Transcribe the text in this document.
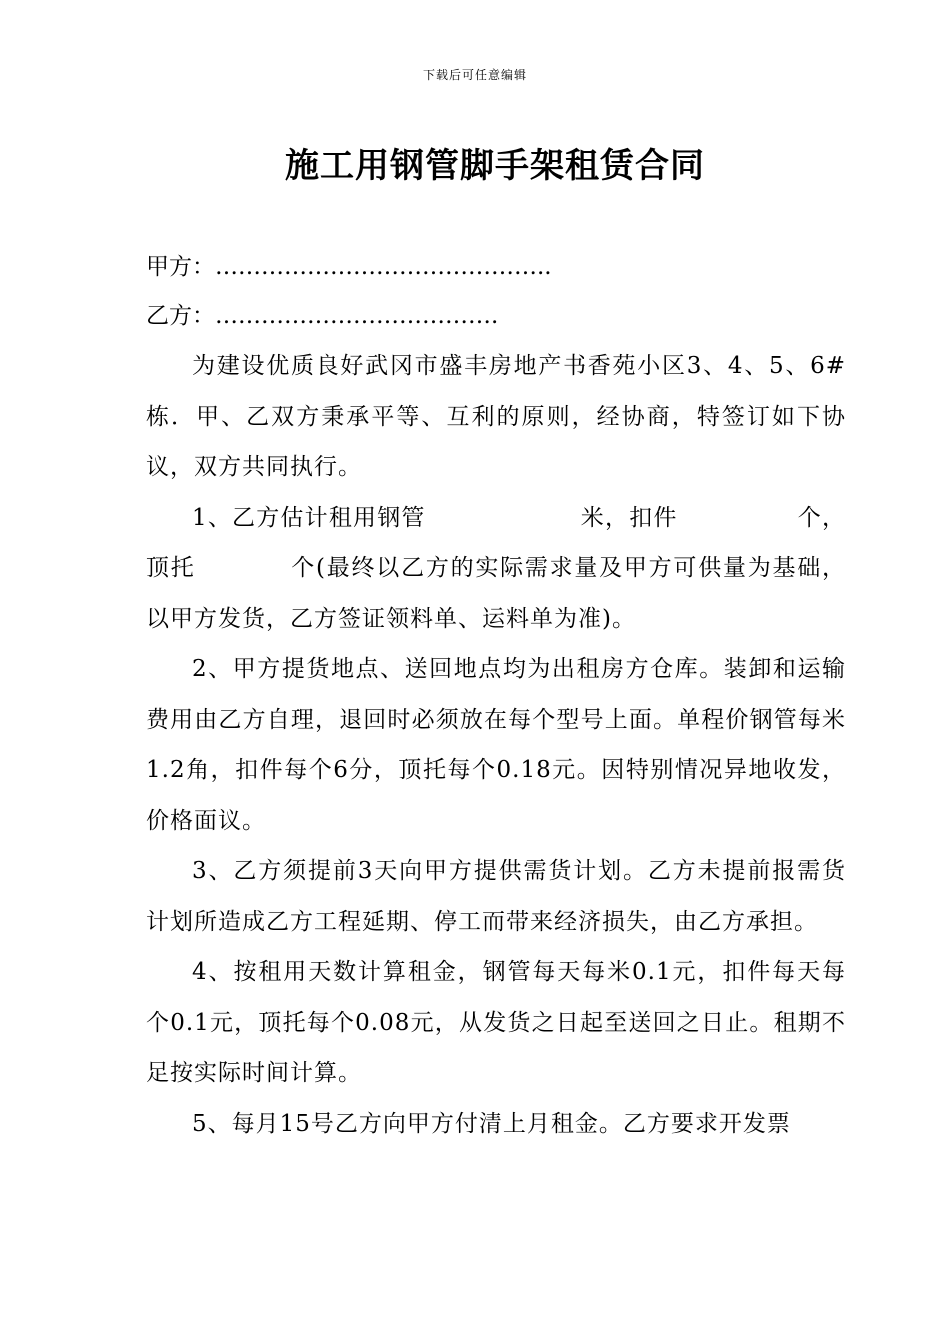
下载后可任意编辑
施工用钢管脚手架租赁合同
甲方：……………………………………..
乙方：……………………………….

为建设优质良好武冈市盛丰房地产书香苑小区3、4、5、6#栋．甲、乙双方秉承平等、互利的原则，经协商，特签订如下协议，双方共同执行。

1、乙方估计租用钢管	米，扣件	个，顶托	个(最终以乙方的实际需求量及甲方可供量为基础，以甲方发货，乙方签证领料单、运料单为准)。

2、甲方提货地点、送回地点均为出租房方仓库。装卸和运输费用由乙方自理，退回时必须放在每个型号上面。单程价钢管每米1.2角，扣件每个6分，顶托每个0.18元。因特别情况异地收发，价格面议。

3、乙方须提前3天向甲方提供需货计划。乙方未提前报需货计划所造成乙方工程延期、停工而带来经济损失，由乙方承担。

4、按租用天数计算租金，钢管每天每米0.1元，扣件每天每个0.1元，顶托每个0.08元，从发货之日起至送回之日止。租期不足按实际时间计算。

5、每月15号乙方向甲方付清上月租金。乙方要求开发票
